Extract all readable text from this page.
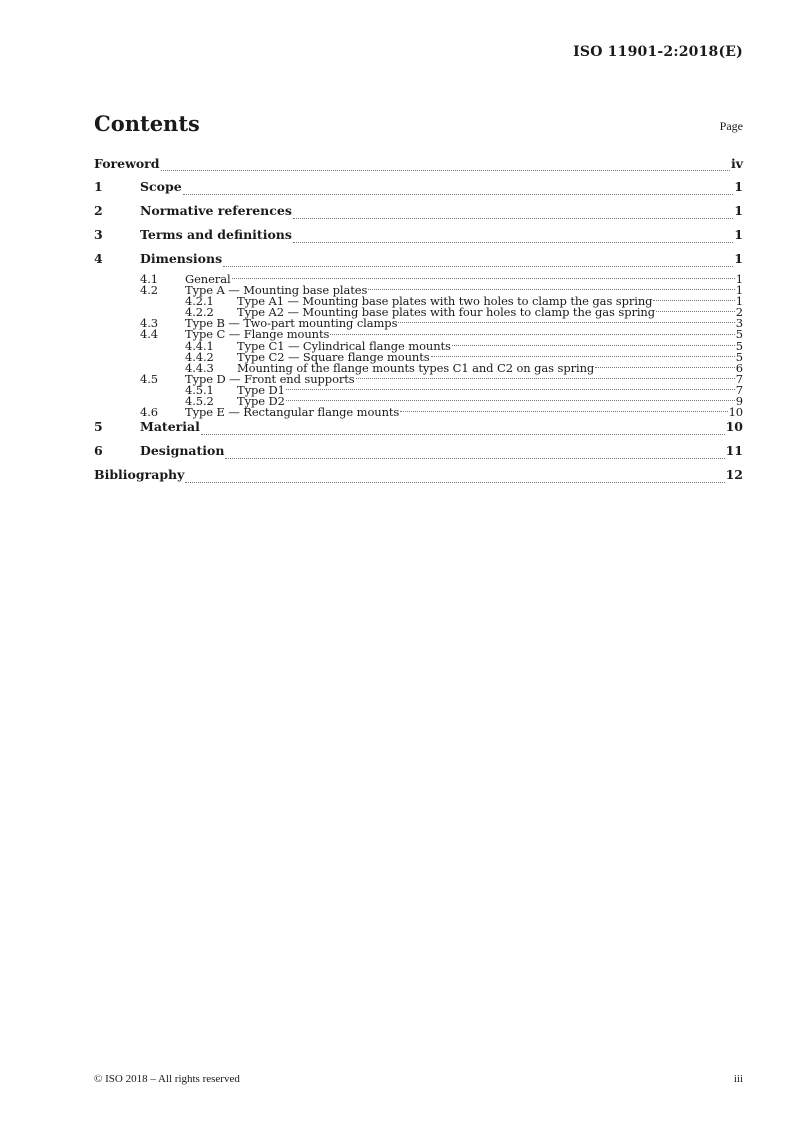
ISO 11901-2:2018(E)
Contents	Page
Foreword	iv
1	Scope	1
2	Normative references	1
3	Terms and definitions	1
4	Dimensions	1
4.1	General	1
4.2	Type A — Mounting base plates	1
4.2.1	Type A1 — Mounting base plates with two holes to clamp the gas spring	1
4.2.2	Type A2 — Mounting base plates with four holes to clamp the gas spring	2
4.3	Type B — Two-part mounting clamps	3
4.4	Type C — Flange mounts	5
4.4.1	Type C1 — Cylindrical flange mounts	5
4.4.2	Type C2 — Square flange mounts	5
4.4.3	Mounting of the flange mounts types C1 and C2 on gas spring	6
4.5	Type D — Front end supports	7
4.5.1	Type D1	7
4.5.2	Type D2	9
4.6	Type E — Rectangular flange mounts	10
5	Material	10
6	Designation	11
Bibliography	12
© ISO 2018 – All rights reserved	iii
